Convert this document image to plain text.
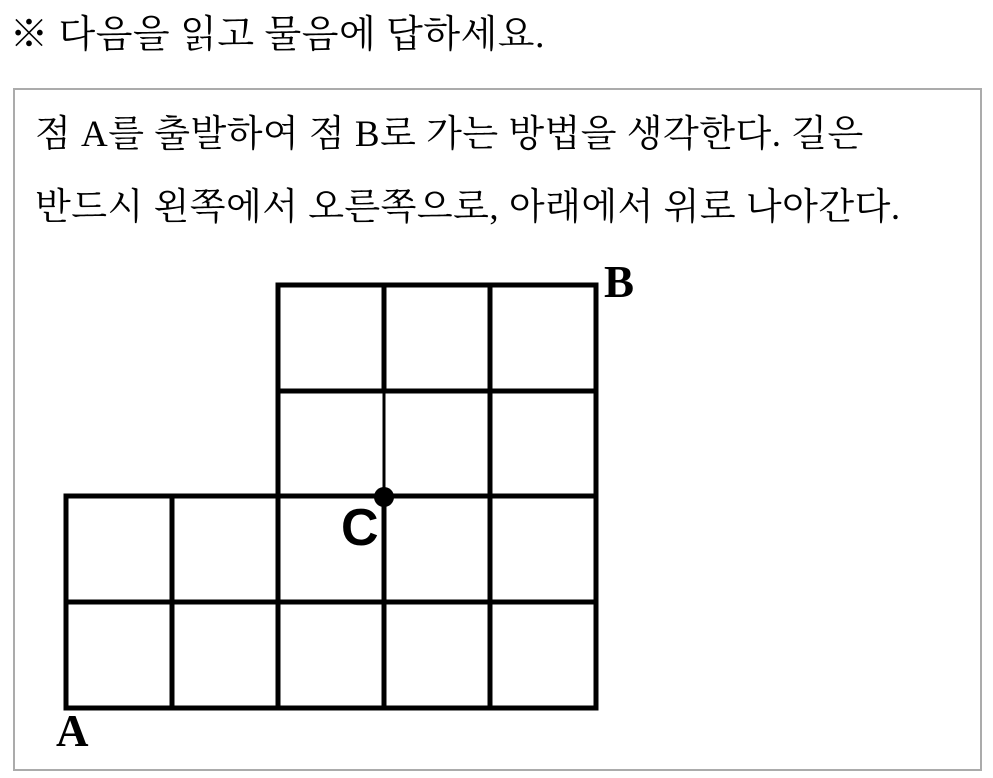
※ 다음을 읽고 물음에 답하세요.
점 A를 출발하여 점 B로 가는 방법을 생각한다. 길은
반드시 왼쪽에서 오른쪽으로, 아래에서 위로 나아간다.
A
B
C
